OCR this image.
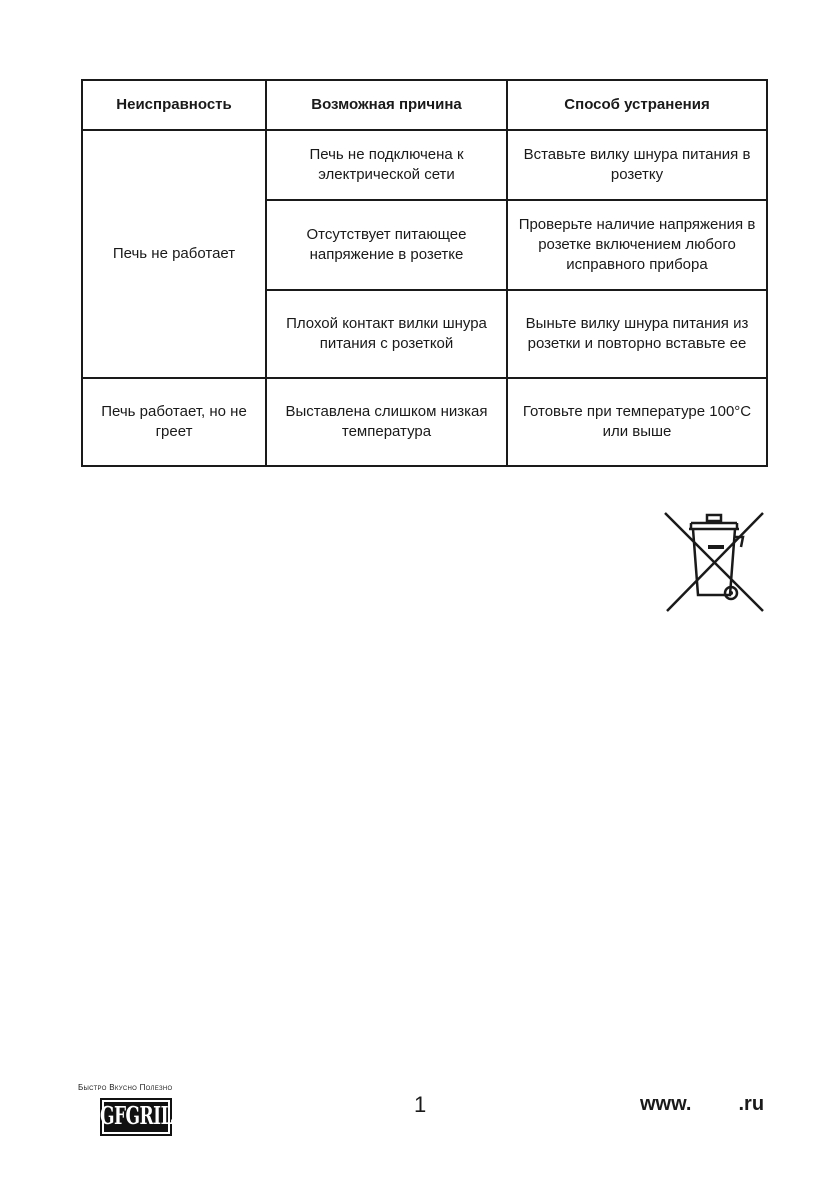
Неисправность	Возможная причина	Способ устранения
Печь не работает	Печь не подключена к электрической сети	Вставьте вилку шнура питания в розетку
	Отсутствует питающее напряжение в розетке	Проверьте наличие напряжения в розетке включением любого исправного прибора
	Плохой контакт вилки шнура питания с розеткой	Выньте вилку шнура питания из розетки и повторно вставьте ее
Печь работает, но не греет	Выставлена слишком низкая температура	Готовьте при температуре 100°С или выше
Быстро Вкусно Полезно
GFGRIL	1	www. .ru
